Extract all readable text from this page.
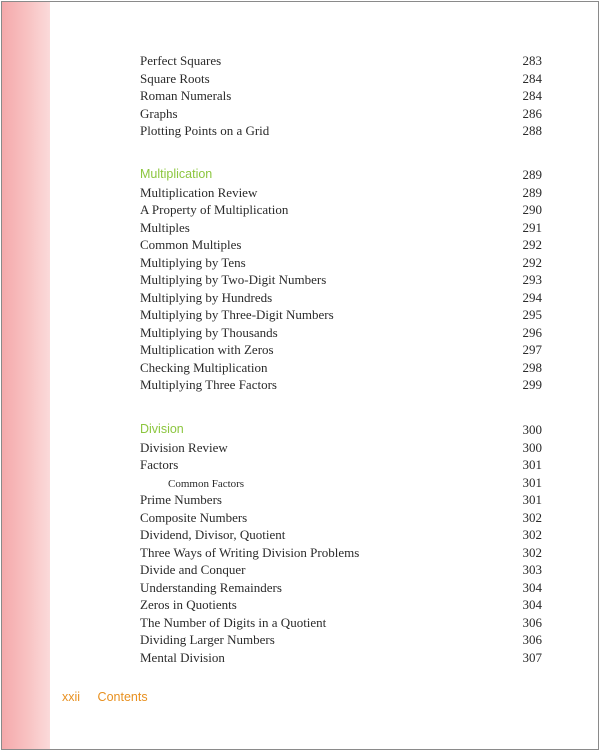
Perfect Squares	283
Square Roots	284
Roman Numerals	284
Graphs	286
Plotting Points on a Grid	288
Multiplication	289
Multiplication Review	289
A Property of Multiplication	290
Multiples	291
Common Multiples	292
Multiplying by Tens	292
Multiplying by Two-Digit Numbers	293
Multiplying by Hundreds	294
Multiplying by Three-Digit Numbers	295
Multiplying by Thousands	296
Multiplication with Zeros	297
Checking Multiplication	298
Multiplying Three Factors	299
Division	300
Division Review	300
Factors	301
Common Factors	301
Prime Numbers	301
Composite Numbers	302
Dividend, Divisor, Quotient	302
Three Ways of Writing Division Problems	302
Divide and Conquer	303
Understanding Remainders	304
Zeros in Quotients	304
The Number of Digits in a Quotient	306
Dividing Larger Numbers	306
Mental Division	307
xxii Contents
